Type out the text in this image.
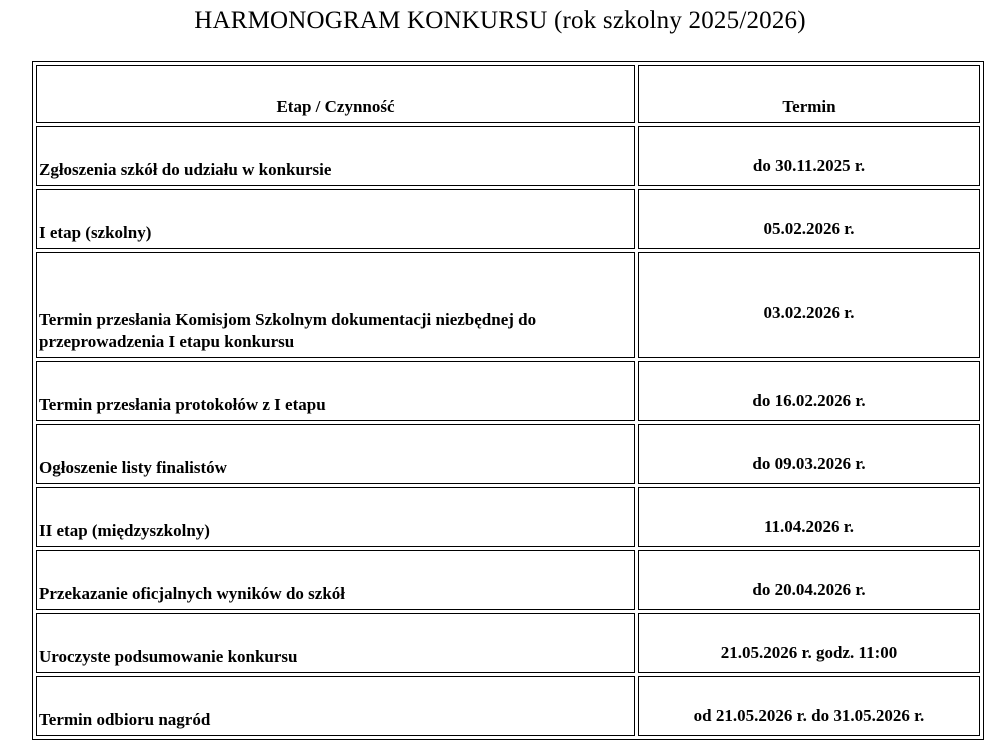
HARMONOGRAM KONKURSU (rok szkolny 2025/2026)
Etap / Czynność	Termin
Zgłoszenia szkół do udziału w konkursie	do 30.11.2025 r.
I etap (szkolny)	05.02.2026 r.
Termin przesłania Komisjom Szkolnym dokumentacji niezbędnej do przeprowadzenia I etapu konkursu	03.02.2026 r.
Termin przesłania protokołów z I etapu	do 16.02.2026 r.
Ogłoszenie listy finalistów	do 09.03.2026 r.
II etap (międzyszkolny)	11.04.2026 r.
Przekazanie oficjalnych wyników do szkół	do 20.04.2026 r.
Uroczyste podsumowanie konkursu	21.05.2026 r. godz. 11:00
Termin odbioru nagród	od 21.05.2026 r. do 31.05.2026 r.
